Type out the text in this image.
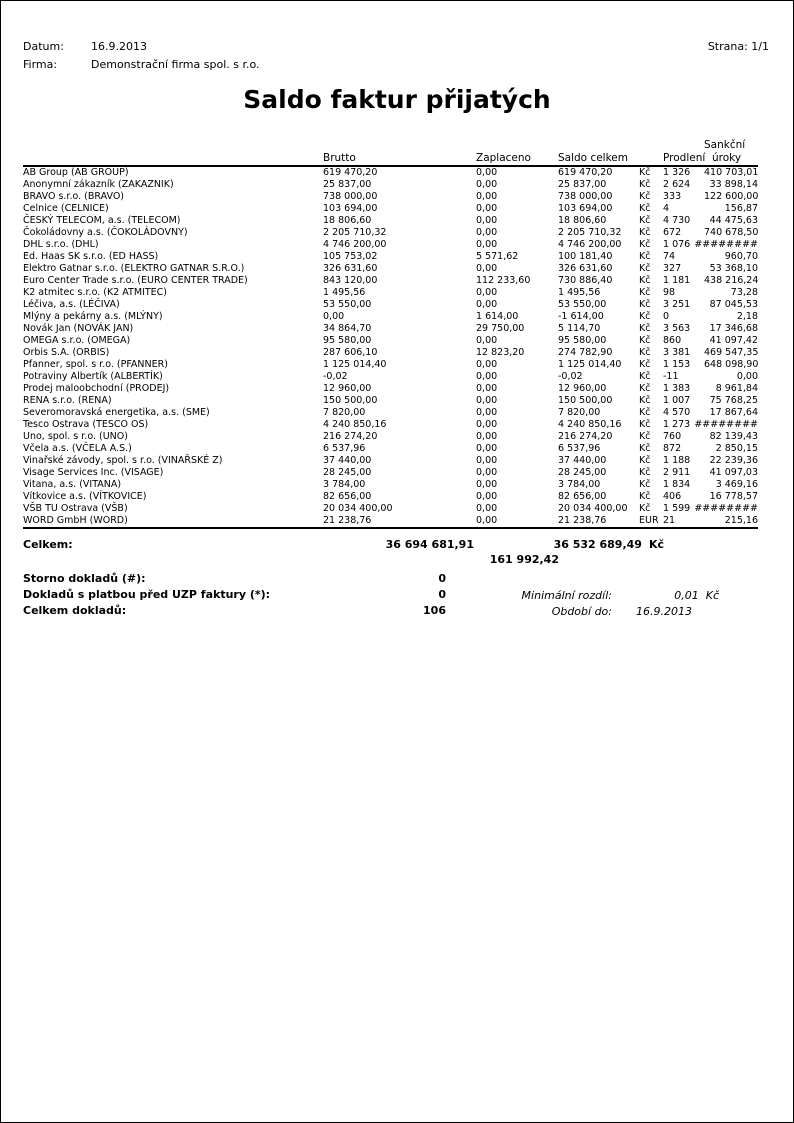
Datum: 16.9.2013
Firma:	Demonstrační firma spol. s r.o.
Strana: 1/1
Saldo faktur přijatých
						Sankční
	Brutto	Zaplaceno	Saldo celkem		Prodlení  úroky	
AB Group (AB GROUP)	619 470,20	0,00	619 470,20	Kč	1 326	410 703,01
Anonymní zákazník (ZAKAZNIK)	25 837,00	0,00	25 837,00	Kč	2 624	33 898,14
BRAVO s.r.o. (BRAVO)	738 000,00	0,00	738 000,00	Kč	333	122 600,00
Celnice (CELNICE)	103 694,00	0,00	103 694,00	Kč	4	156,87
ČESKÝ TELECOM, a.s. (TELECOM)	18 806,60	0,00	18 806,60	Kč	4 730	44 475,63
Čokoládovny a.s. (ČOKOLÁDOVNY)	2 205 710,32	0,00	2 205 710,32	Kč	672	740 678,50
DHL s.r.o. (DHL)	4 746 200,00	0,00	4 746 200,00	Kč	1 076	########

Ed. Haas SK s.r.o. (ED HASS)	105 753,02	5 571,62	100 181,40	Kč	74	960,70
Elektro Gatnar s.r.o. (ELEKTRO GATNAR S.R.O.)	326 631,60	0,00	326 631,60	Kč	327	53 368,10
Euro Center Trade s.r.o. (EURO CENTER TRADE)	843 120,00	112 233,60	730 886,40	Kč	1 181	438 216,24
K2 atmitec s.r.o. (K2 ATMITEC)	1 495,56	0,00	1 495,56	Kč	98	73,28
Léčiva, a.s. (LÉČIVA)	53 550,00	0,00	53 550,00	Kč	3 251	87 045,53
Mlýny a pekárny a.s. (MLÝNY)	0,00	1 614,00	-1 614,00	Kč	0	2,18
Novák Jan (NOVÁK JAN)	34 864,70	29 750,00	5 114,70	Kč	3 563	17 346,68
OMEGA s.r.o. (OMEGA)	95 580,00	0,00	95 580,00	Kč	860	41 097,42
Orbis S.A. (ORBIS)	287 606,10	12 823,20	274 782,90	Kč	3 381	469 547,35
Pfanner, spol. s r.o. (PFANNER)	1 125 014,40	0,00	1 125 014,40	Kč	1 153	648 098,90
Potraviny Albertík (ALBERTÍK)	-0,02	0,00	-0,02	Kč	-11	0,00
Prodej maloobchodní (PRODEJ)	12 960,00	0,00	12 960,00	Kč	1 383	8 961,84
RENA s.r.o. (RENA)	150 500,00	0,00	150 500,00	Kč	1 007	75 768,25
Severomoravská energetika, a.s. (SME)	7 820,00	0,00	7 820,00	Kč	4 570	17 867,64
Tesco Ostrava (TESCO OS)	4 240 850,16	0,00	4 240 850,16	Kč	1 273	########

Uno, spol. s r.o. (UNO)	216 274,20	0,00	216 274,20	Kč	760	82 139,43
Včela a.s. (VČELA A.S.)	6 537,96	0,00	6 537,96	Kč	872	2 850,15
Vinařské závody, spol. s r.o. (VINAŘSKÉ Z)	37 440,00	0,00	37 440,00	Kč	1 188	22 239,36
Visage Services Inc. (VISAGE)	28 245,00	0,00	28 245,00	Kč	2 911	41 097,03
Vitana, a.s. (VITANA)	3 784,00	0,00	3 784,00	Kč	1 834	3 469,16
Vítkovice a.s. (VÍTKOVICE)	82 656,00	0,00	82 656,00	Kč	406	16 778,57
VŠB TU Ostrava (VŠB)	20 034 400,00	0,00	20 034 400,00	Kč	1 599	########

WORD GmbH (WORD)	21 238,76	0,00	21 238,76	EUR	21	215,16
Celkem:	36 694 681,91	36 532 689,49 Kč
161 992,42
Storno dokladů (#):	0
Dokladů s platbou před UZP faktury (*):	0	Minimální rozdíl:	0,01 Kč
Celkem dokladů:	106	Období do: 16.9.2013
